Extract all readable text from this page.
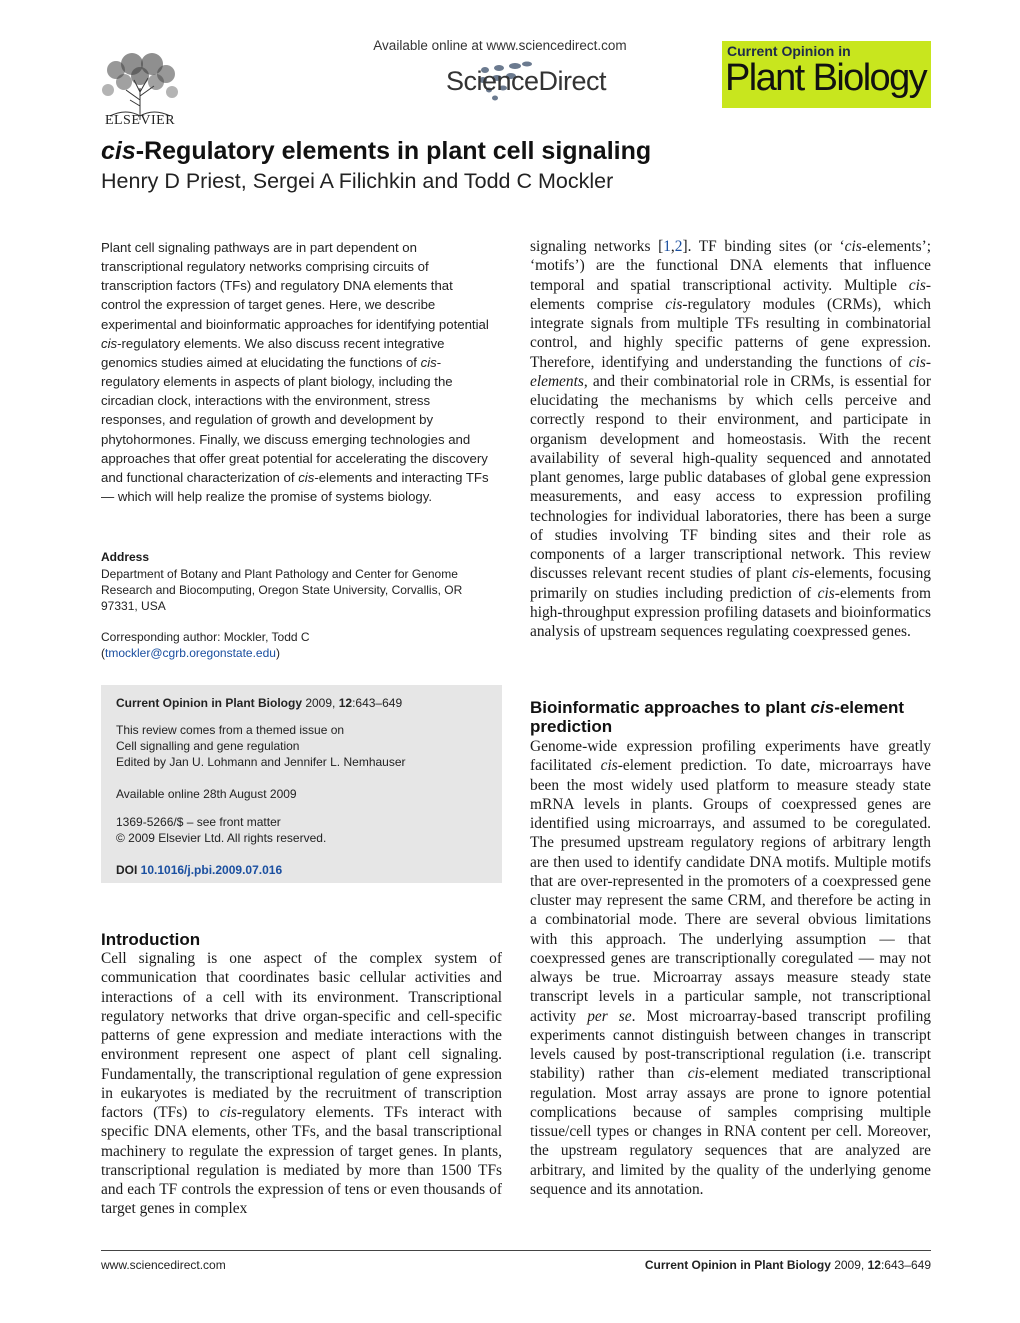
ELSEVIER
Available online at www.sciencedirect.com
ScienceDirect
Current Opinion in
Plant Biology
cis-Regulatory elements in plant cell signaling
Henry D Priest, Sergei A Filichkin and Todd C Mockler
Plant cell signaling pathways are in part dependent on transcriptional regulatory networks comprising circuits of transcription factors (TFs) and regulatory DNA elements that control the expression of target genes. Here, we describe experimental and bioinformatic approaches for identifying potential cis-regulatory elements. We also discuss recent integrative genomics studies aimed at elucidating the functions of cis-regulatory elements in aspects of plant biology, including the circadian clock, interactions with the environment, stress responses, and regulation of growth and development by phytohormones. Finally, we discuss emerging technologies and approaches that offer great potential for accelerating the discovery and functional characterization of cis-elements and interacting TFs — which will help realize the promise of systems biology.
Address
Department of Botany and Plant Pathology and Center for Genome Research and Biocomputing, Oregon State University, Corvallis, OR 97331, USA
Corresponding author: Mockler, Todd C
(tmockler@cgrb.oregonstate.edu)
Current Opinion in Plant Biology 2009, 12:643–649
This review comes from a themed issue on
Cell signalling and gene regulation
Edited by Jan U. Lohmann and Jennifer L. Nemhauser
Available online 28th August 2009
1369-5266/$ – see front matter
© 2009 Elsevier Ltd. All rights reserved.
DOI 10.1016/j.pbi.2009.07.016
Introduction
Cell signaling is one aspect of the complex system of communication that coordinates basic cellular activities and interactions of a cell with its environment. Transcriptional regulatory networks that drive organ-specific and cell-specific patterns of gene expression and mediate interactions with the environment represent one aspect of plant cell signaling. Fundamentally, the transcriptional regulation of gene expression in eukaryotes is mediated by the recruitment of transcription factors (TFs) to cis-regulatory elements. TFs interact with specific DNA elements, other TFs, and the basal transcriptional machinery to regulate the expression of target genes. In plants, transcriptional regulation is mediated by more than 1500 TFs and each TF controls the expression of tens or even thousands of target genes in complex
signaling networks [1,2]. TF binding sites (or ‘cis-elements’; ‘motifs’) are the functional DNA elements that influence temporal and spatial transcriptional activity. Multiple cis-elements comprise cis-regulatory modules (CRMs), which integrate signals from multiple TFs resulting in combinatorial control, and highly specific patterns of gene expression. Therefore, identifying and understanding the functions of cis-elements, and their combinatorial role in CRMs, is essential for elucidating the mechanisms by which cells perceive and correctly respond to their environment, and participate in organism development and homeostasis. With the recent availability of several high-quality sequenced and annotated plant genomes, large public databases of global gene expression measurements, and easy access to expression profiling technologies for individual laboratories, there has been a surge of studies involving TF binding sites and their role as components of a larger transcriptional network. This review discusses relevant recent studies of plant cis-elements, focusing primarily on studies including prediction of cis-elements from high-throughput expression profiling datasets and bioinformatics analysis of upstream sequences regulating coexpressed genes.
Bioinformatic approaches to plant cis-element prediction
Genome-wide expression profiling experiments have greatly facilitated cis-element prediction. To date, microarrays have been the most widely used platform to measure steady state mRNA levels in plants. Groups of coexpressed genes are identified using microarrays, and assumed to be coregulated. The presumed upstream regulatory regions of arbitrary length are then used to identify candidate DNA motifs. Multiple motifs that are over-represented in the promoters of a coexpressed gene cluster may represent the same CRM, and therefore be acting in a combinatorial mode. There are several obvious limitations with this approach. The underlying assumption — that coexpressed genes are transcriptionally coregulated — may not always be true. Microarray assays measure steady state transcript levels in a particular sample, not transcriptional activity per se. Most microarray-based transcript profiling experiments cannot distinguish between changes in transcript levels caused by post-transcriptional regulation (i.e. transcript stability) rather than cis-element mediated transcriptional regulation. Most array assays are prone to ignore potential complications because of samples comprising multiple tissue/cell types or changes in RNA content per cell. Moreover, the upstream regulatory sequences that are analyzed are arbitrary, and limited by the quality of the underlying genome sequence and its annotation.
www.sciencedirect.com	Current Opinion in Plant Biology 2009, 12:643–649
